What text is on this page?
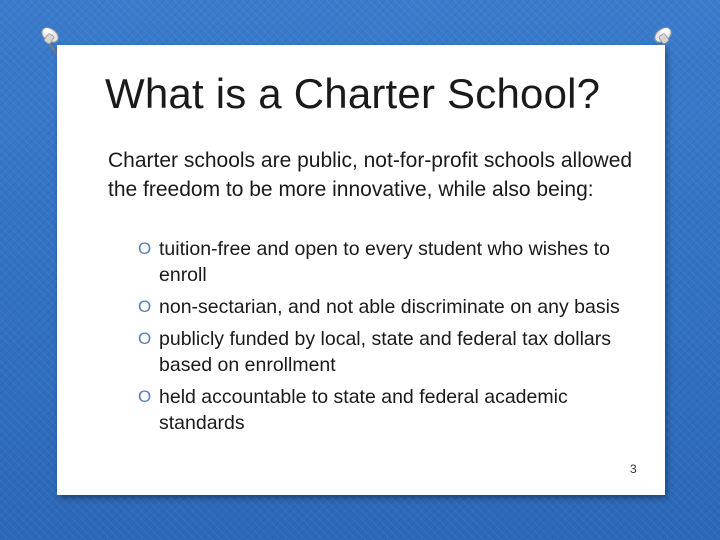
What is a Charter School?
Charter schools are public, not-for-profit schools allowed the freedom to be more innovative, while also being:
O tuition-free and open to every student who wishes to enroll
O non-sectarian, and not able discriminate on any basis
O publicly funded by local, state and federal tax dollars based on enrollment
O held accountable to state and federal academic standards
3
